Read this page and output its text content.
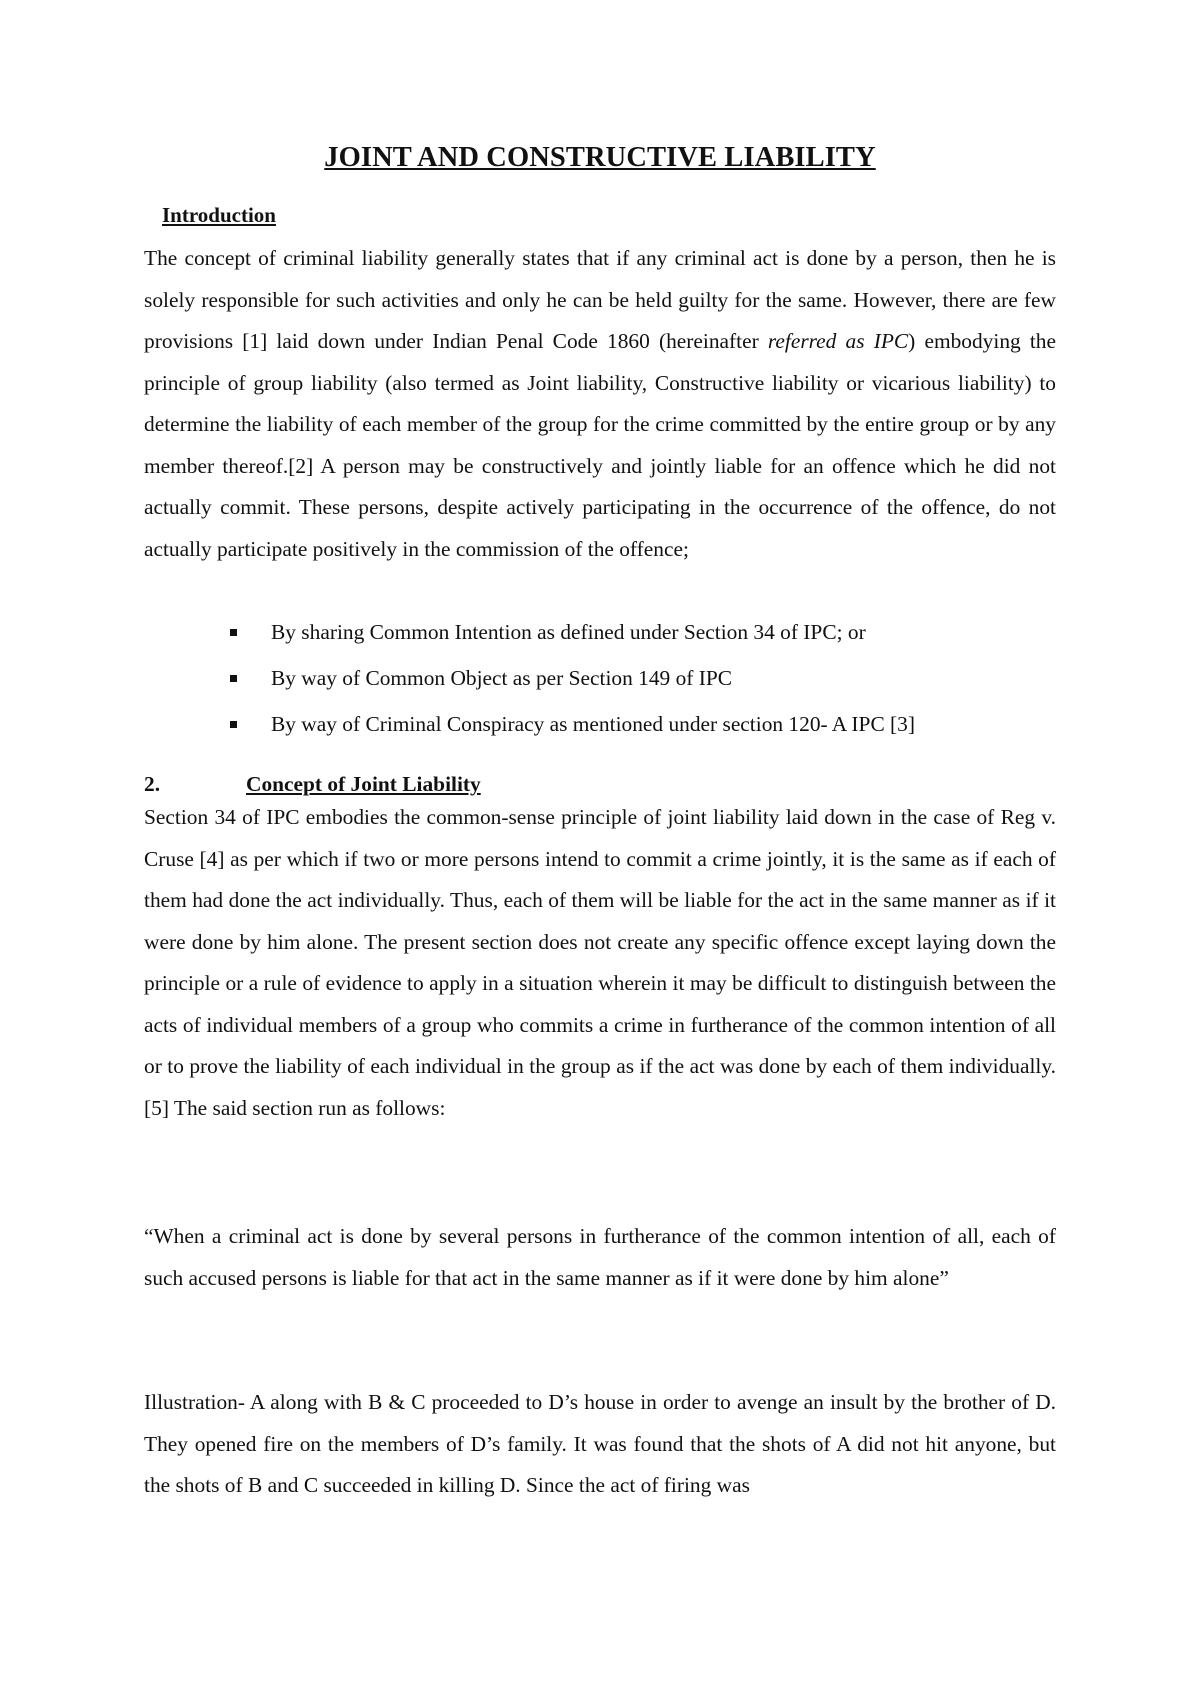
JOINT AND CONSTRUCTIVE LIABILITY
Introduction

The concept of criminal liability generally states that if any criminal act is done by a person, then he is solely responsible for such activities and only he can be held guilty for the same. However, there are few provisions [1] laid down under Indian Penal Code 1860 (hereinafter referred as IPC) embodying the principle of group liability (also termed as Joint liability, Constructive liability or vicarious liability) to determine the liability of each member of the group for the crime committed by the entire group or by any member thereof.[2] A person may be constructively and jointly liable for an offence which he did not actually commit. These persons, despite actively participating in the occurrence of the offence, do not actually participate positively in the commission of the offence;

By sharing Common Intention as defined under Section 34 of IPC; or
By way of Common Object as per Section 149 of IPC
By way of Criminal Conspiracy as mentioned under section 120- A IPC [3]
2.	Concept of Joint Liability

Section 34 of IPC embodies the common-sense principle of joint liability laid down in the case of Reg v. Cruse [4] as per which if two or more persons intend to commit a crime jointly, it is the same as if each of them had done the act individually. Thus, each of them will be liable for the act in the same manner as if it were done by him alone. The present section does not create any specific offence except laying down the principle or a rule of evidence to apply in a situation wherein it may be difficult to distinguish between the acts of individual members of a group who commits a crime in furtherance of the common intention of all or to prove the liability of each individual in the group as if the act was done by each of them individually. [5] The said section run as follows:

“When a criminal act is done by several persons in furtherance of the common intention of all, each of such accused persons is liable for that act in the same manner as if it were done by him alone”

Illustration- A along with B & C proceeded to D’s house in order to avenge an insult by the brother of D. They opened fire on the members of D’s family. It was found that the shots of A did not hit anyone, but the shots of B and C succeeded in killing D. Since the act of firing was
